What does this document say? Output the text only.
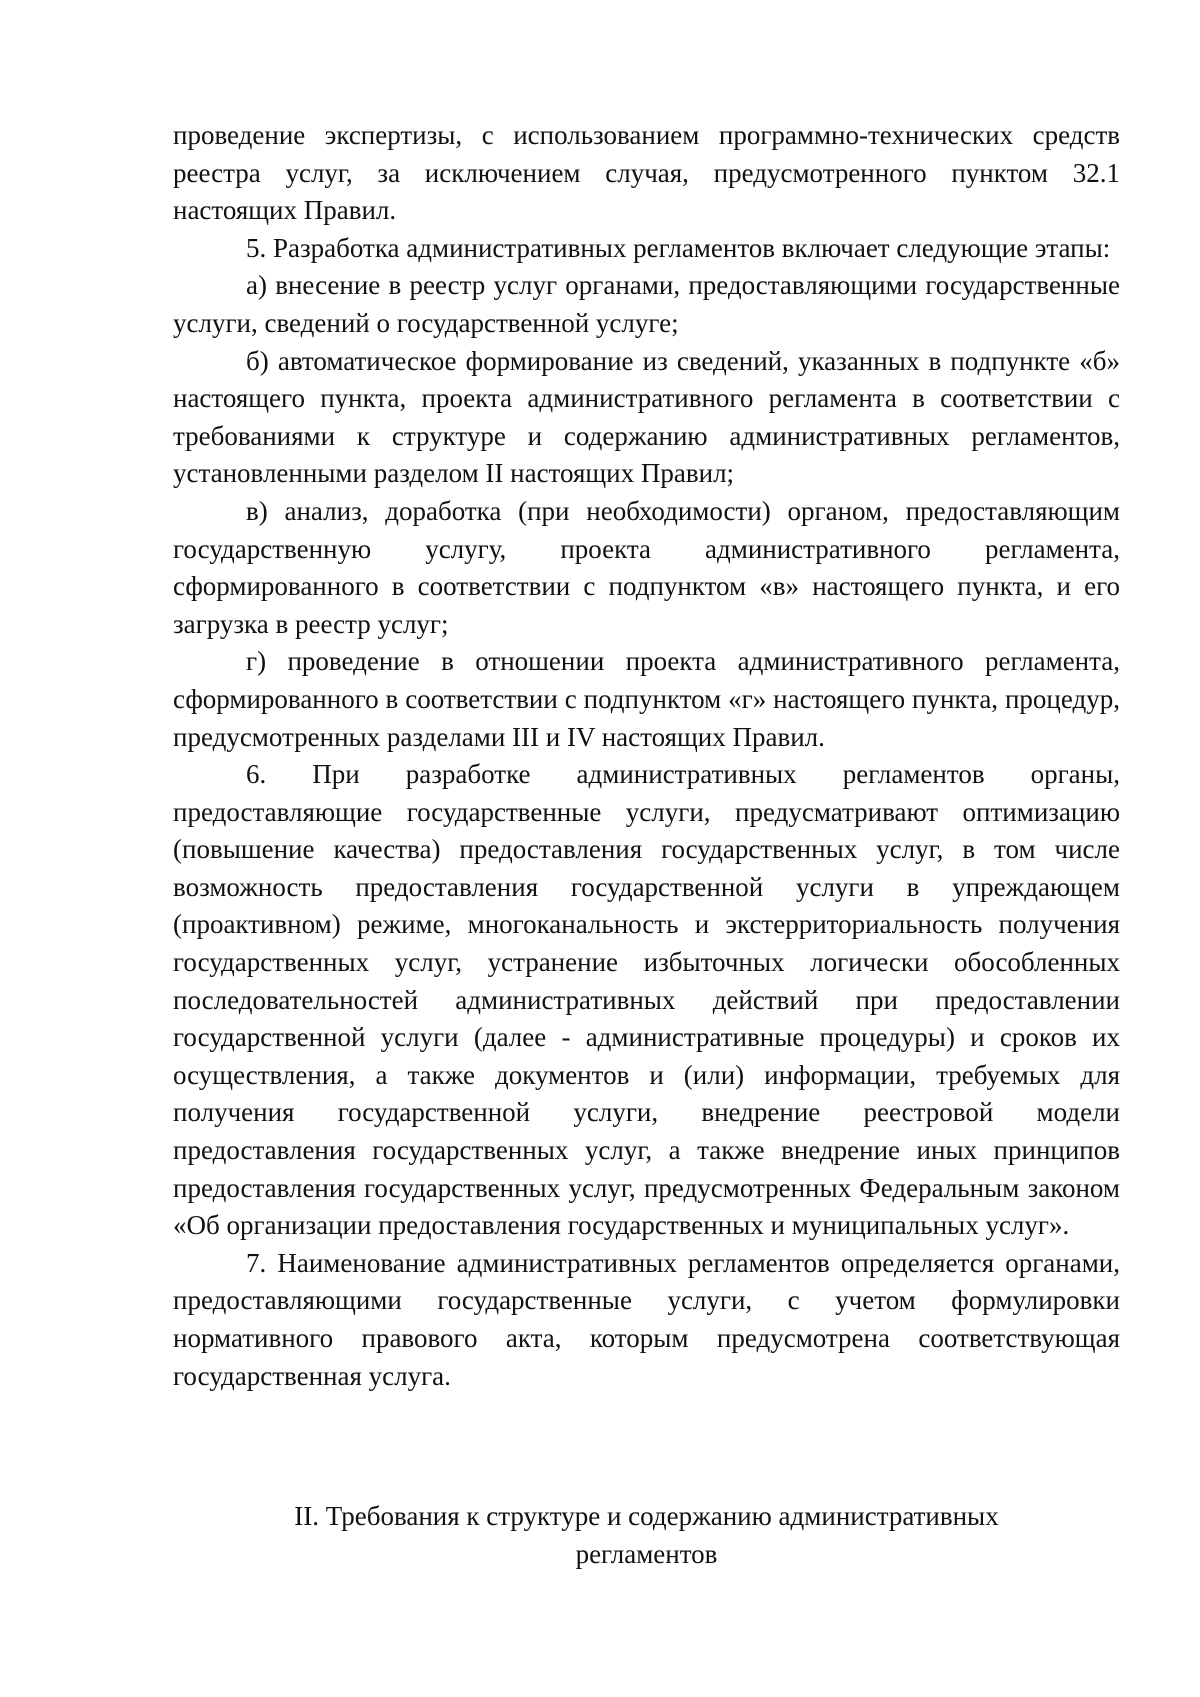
проведение экспертизы, с использованием программно-технических средств реестра услуг, за исключением случая, предусмотренного пунктом 32.1 настоящих Правил.

5. Разработка административных регламентов включает следующие этапы:

а) внесение в реестр услуг органами, предоставляющими государственные услуги, сведений о государственной услуге;

б) автоматическое формирование из сведений, указанных в подпункте «б» настоящего пункта, проекта административного регламента в соответствии с требованиями к структуре и содержанию административных регламентов, установленными разделом II настоящих Правил;

в) анализ, доработка (при необходимости) органом, предоставляющим государственную услугу, проекта административного регламента, сформированного в соответствии с подпунктом «в» настоящего пункта, и его загрузка в реестр услуг;

г) проведение в отношении проекта административного регламента, сформированного в соответствии с подпунктом «г» настоящего пункта, процедур, предусмотренных разделами III и IV настоящих Правил.

6. При разработке административных регламентов органы, предоставляющие государственные услуги, предусматривают оптимизацию (повышение качества) предоставления государственных услуг, в том числе возможность предоставления государственной услуги в упреждающем (проактивном) режиме, многоканальность и экстерриториальность получения государственных услуг, устранение избыточных логически обособленных последовательностей административных действий при предоставлении государственной услуги (далее - административные процедуры) и сроков их осуществления, а также документов и (или) информации, требуемых для получения государственной услуги, внедрение реестровой модели предоставления государственных услуг, а также внедрение иных принципов предоставления государственных услуг, предусмотренных Федеральным законом «Об организации предоставления государственных и муниципальных услуг».

7. Наименование административных регламентов определяется органами, предоставляющими государственные услуги, с учетом формулировки нормативного правового акта, которым предусмотрена соответствующая государственная услуга.

II. Требования к структуре и содержанию административных
регламентов
